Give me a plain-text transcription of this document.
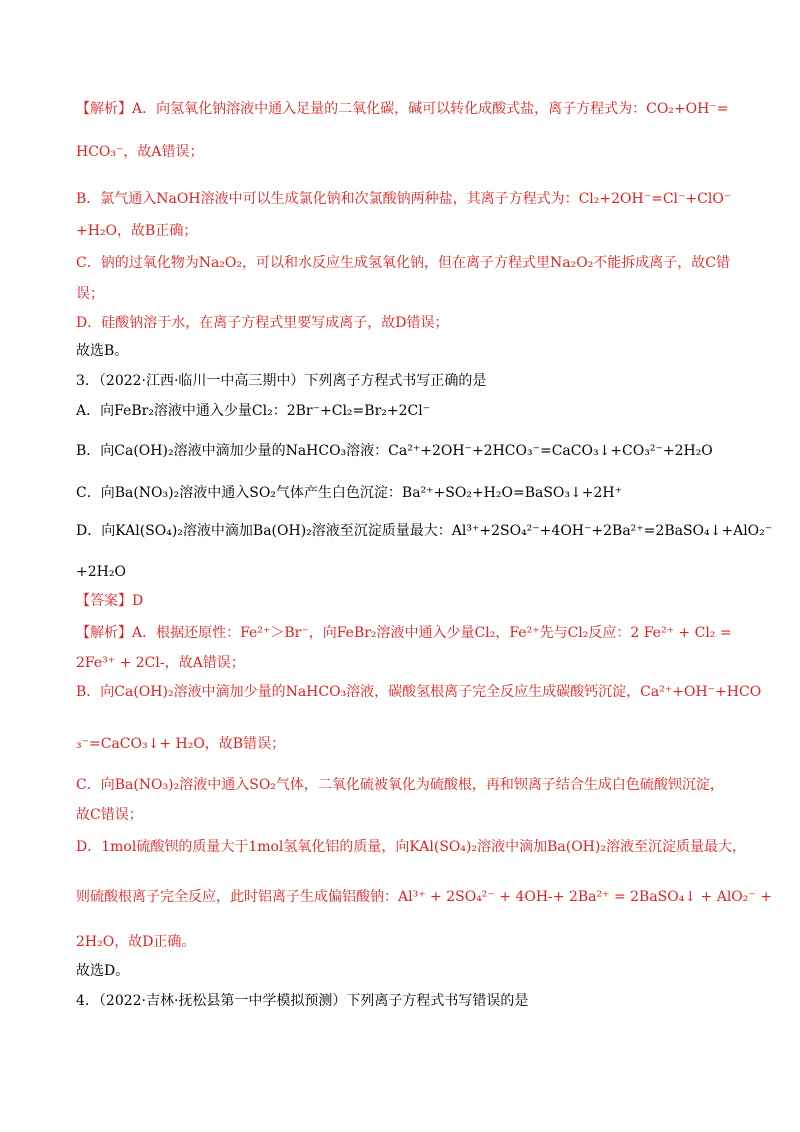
【解析】A．向氢氧化钠溶液中通入足量的二氧化碳，碱可以转化成酸式盐，离子方程式为：CO₂+OH⁻=
HCO₃⁻，故A错误；
B．氯气通入NaOH溶液中可以生成氯化钠和次氯酸钠两种盐，其离子方程式为：Cl₂+2OH⁻=Cl⁻+ClO⁻
+H₂O，故B正确；
C．钠的过氧化物为Na₂O₂，可以和水反应生成氢氧化钠，但在离子方程式里Na₂O₂不能拆成离子，故C错
误；
D．硅酸钠溶于水，在离子方程式里要写成离子，故D错误；
故选B。
3．（2022·江西·临川一中高三期中）下列离子方程式书写正确的是
A．向FeBr₂溶液中通入少量Cl₂：2Br⁻+Cl₂=Br₂+2Cl⁻
B．向Ca(OH)₂溶液中滴加少量的NaHCO₃溶液：Ca²⁺+2OH⁻+2HCO₃⁻=CaCO₃↓+CO₃²⁻+2H₂O
C．向Ba(NO₃)₂溶液中通入SO₂气体产生白色沉淀：Ba²⁺+SO₂+H₂O=BaSO₃↓+2H⁺
D．向KAl(SO₄)₂溶液中滴加Ba(OH)₂溶液至沉淀质量最大：Al³⁺+2SO₄²⁻+4OH⁻+2Ba²⁺=2BaSO₄↓+AlO₂⁻
+2H₂O
【答案】D
【解析】A．根据还原性：Fe²⁺＞Br⁻，向FeBr₂溶液中通入少量Cl₂，Fe²⁺先与Cl₂反应：2 Fe²⁺ + Cl₂ =
2Fe³⁺ + 2Cl-，故A错误；
B．向Ca(OH)₂溶液中滴加少量的NaHCO₃溶液，碳酸氢根离子完全反应生成碳酸钙沉淀，Ca²⁺+OH⁻+HCO
₃⁻=CaCO₃↓+ H₂O，故B错误；
C．向Ba(NO₃)₂溶液中通入SO₂气体，二氧化硫被氧化为硫酸根，再和钡离子结合生成白色硫酸钡沉淀，
故C错误；
D．1mol硫酸钡的质量大于1mol氢氧化铝的质量，向KAl(SO₄)₂溶液中滴加Ba(OH)₂溶液至沉淀质量最大，
则硫酸根离子完全反应，此时铝离子生成偏铝酸钠：Al³⁺ + 2SO₄²⁻ + 4OH-+ 2Ba²⁺ = 2BaSO₄↓ + AlO₂⁻ +
2H₂O，故D正确。
故选D。
4．（2022·吉林·抚松县第一中学模拟预测）下列离子方程式书写错误的是
